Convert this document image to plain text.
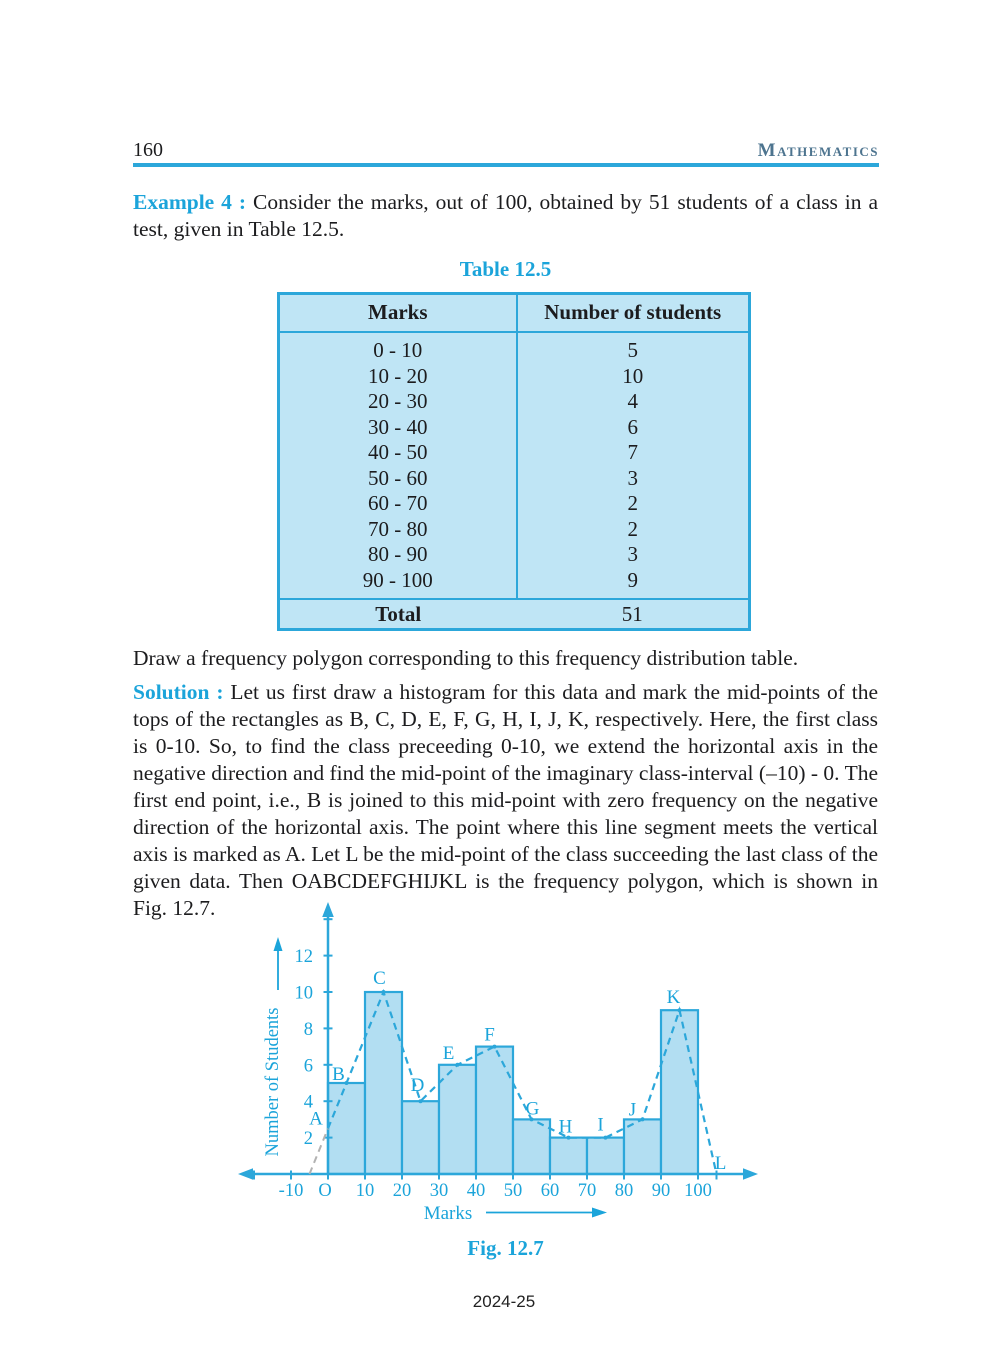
160	Mathematics

Example 4 : Consider the marks, out of 100, obtained by 51 students of a class in a test, given in Table 12.5.

Table 12.5
Marks	Number of students
0 - 10	5
10 - 20	10
20 - 30	4
30 - 40	6
40 - 50	7
50 - 60	3
60 - 70	2
70 - 80	2
80 - 90	3
90 - 100	9
Total	51

Draw a frequency polygon corresponding to this frequency distribution table.

Solution : Let us first draw a histogram for this data and mark the mid-points of the tops of the rectangles as B, C, D, E, F, G, H, I, J, K, respectively. Here, the first class is 0-10. So, to find the class preceeding 0-10, we extend the horizontal axis in the negative direction and find the mid-point of the imaginary class-interval (–10) - 0. The first end point, i.e., B is joined to this mid-point with zero frequency on the negative direction of the horizontal axis. The point where this line segment meets the vertical axis is marked as A. Let L be the mid-point of the class succeeding the last class of the given data. Then OABCDEFGHIJKL is the frequency polygon, which is shown in Fig. 12.7.

-10 O 10 20 30 40 50 60 70 80 90 100
2
4
6
8
10
12
A
B
C
D
E
F
G
H I
J
K
L
Number of Students
Marks
Fig. 12.7
2024-25
